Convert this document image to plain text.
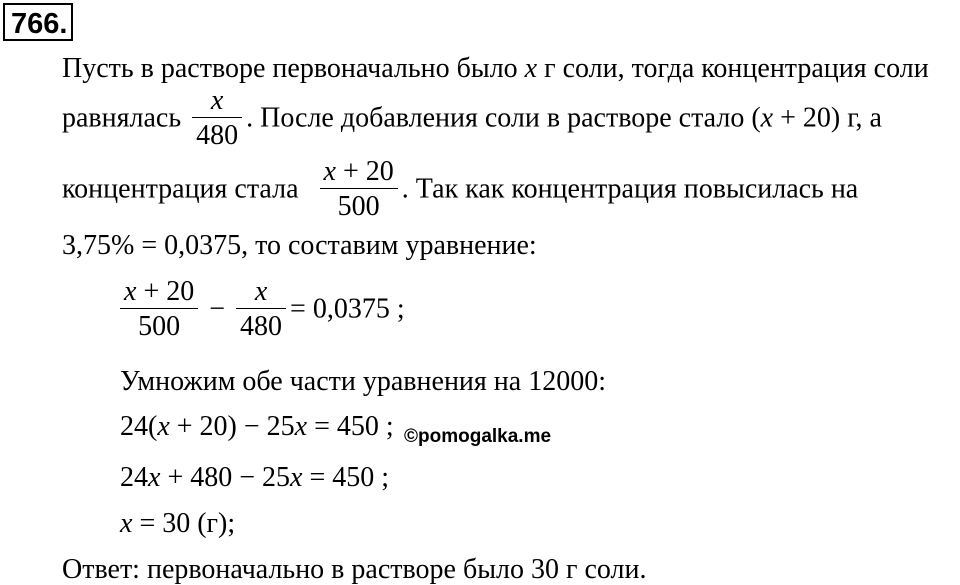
766.
Пусть в растворе первоначально было x г соли, тогда концентрация соли
равнялась $\frac{x}{480}$ . После добавления соли в растворе стало (x + 20) г, а
концентрация стала $\frac{x + 20}{500}$ . Так как концентрация повысилась на
3,75% = 0,0375, то составим уравнение:
$\frac{x + 20}{500} - \frac{x}{480} = 0,0375$ ;
Умножим обе части уравнения на 12000:
24(x + 20) − 25x = 450 ; ©pomogalka.me
24x + 480 − 25x = 450 ;
x = 30 (г);
Ответ: первоначально в растворе было 30 г соли.
